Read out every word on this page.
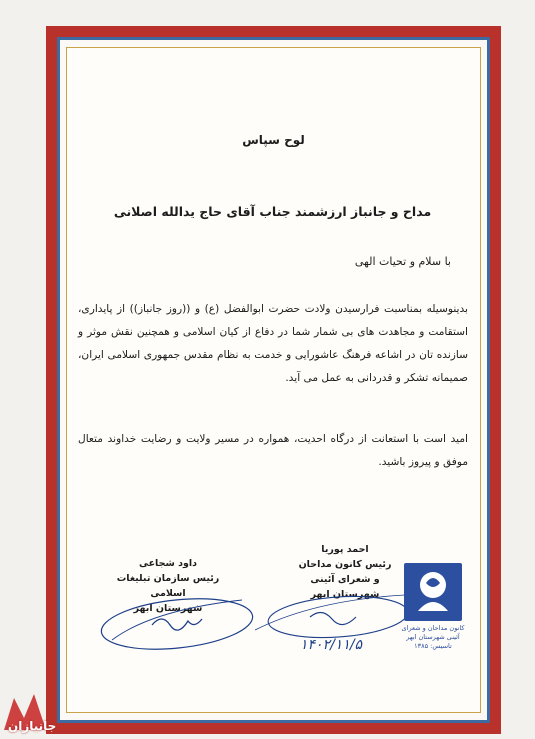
لوح سپاس
مداح و جانباز ارزشمند جناب آقای حاج یدالله اصلانی
با سلام و تحیات الهی
بدینوسیله بمناسبت فرارسیدن ولادت حضرت ابوالفضل (ع) و ((روز جانباز)) از پایداری، استقامت و مجاهدت های بی شمار شما در دفاع از کیان اسلامی و همچنین نقش موثر و سازنده تان در اشاعه فرهنگ عاشورایی و خدمت به نظام مقدس جمهوری اسلامی ایران، صمیمانه تشکر و قدردانی به عمل می آید.
امید است با استعانت از درگاه احدیت، همواره در مسیر ولایت و رضایت خداوند متعال موفق و پیروز باشید.
داود شجاعی
رئیس سازمان تبلیغات اسلامی
شهرستان ابهر
احمد پوریا
رئیس کانون مداحان
و شعرای آئینی شهرستان ابهر
۱۴۰۲/۱۱/۵
کانون مداحان و شعرای آئینی شهرستان ابهر
تاسیس: ۱۳۸۵
جانبازان
